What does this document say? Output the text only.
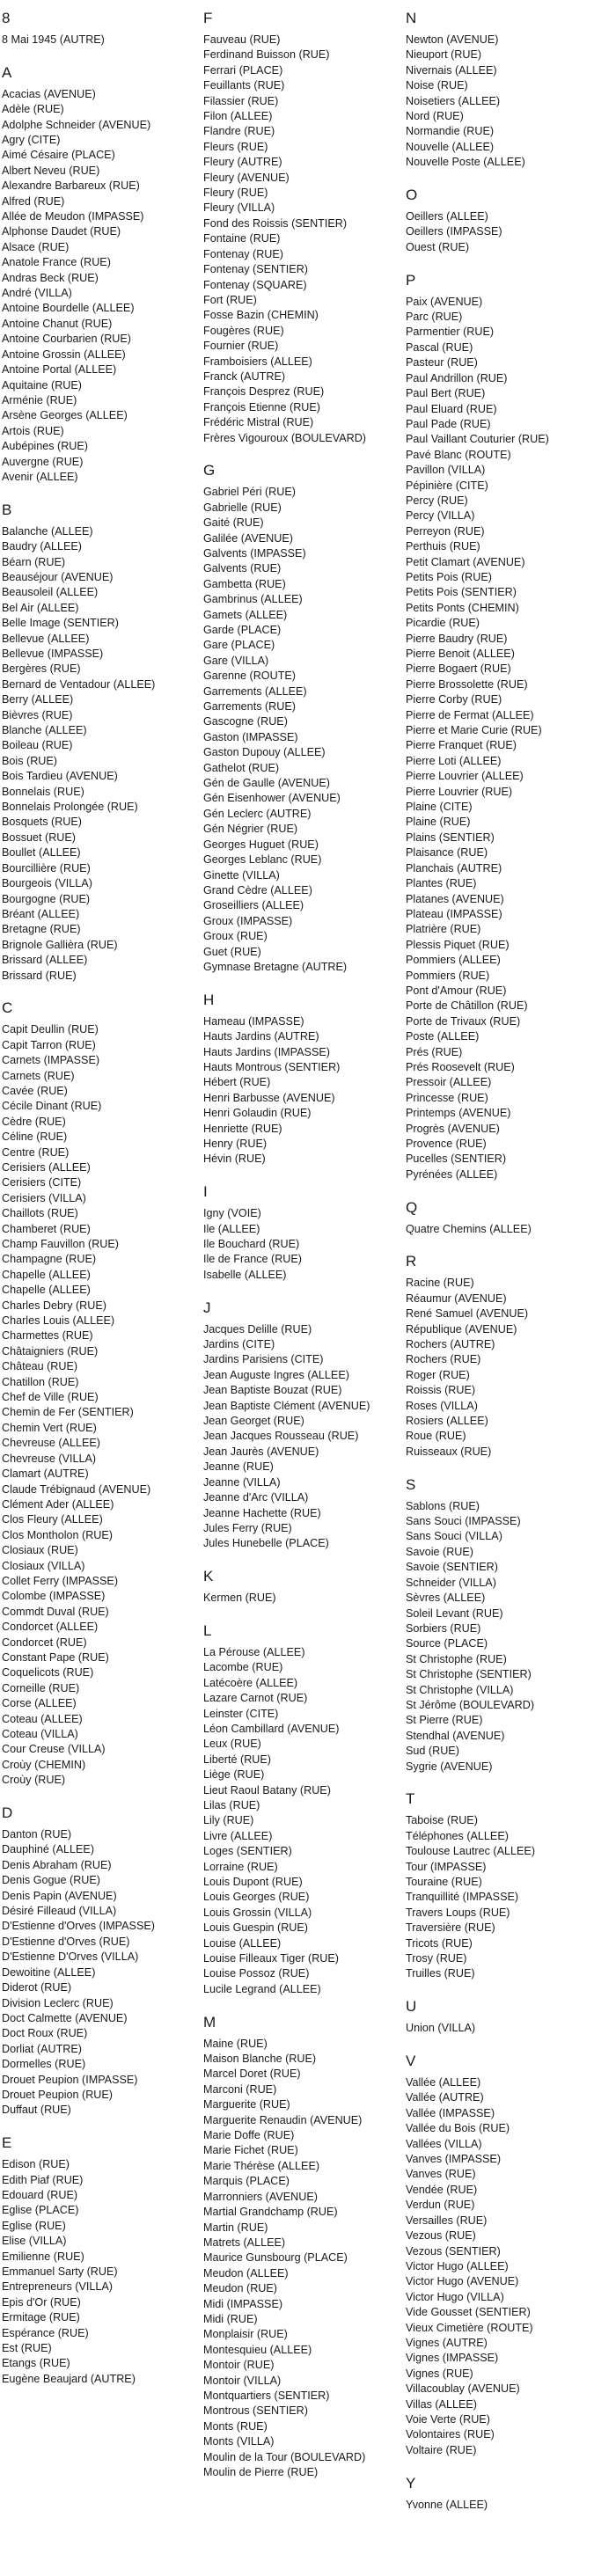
8
8 Mai 1945 (AUTRE)
A
Acacias (AVENUE)
Adèle (RUE)
Adolphe Schneider (AVENUE)
Agry (CITE)
Aimé Césaire (PLACE)
Albert Neveu (RUE)
Alexandre Barbareux (RUE)
Alfred (RUE)
Allée de Meudon (IMPASSE)
Alphonse Daudet (RUE)
Alsace (RUE)
Anatole France (RUE)
Andras Beck (RUE)
André (VILLA)
Antoine Bourdelle (ALLEE)
Antoine Chanut (RUE)
Antoine Courbarien (RUE)
Antoine Grossin (ALLEE)
Antoine Portal (ALLEE)
Aquitaine (RUE)
Arménie (RUE)
Arsène Georges (ALLEE)
Artois (RUE)
Aubépines (RUE)
Auvergne (RUE)
Avenir (ALLEE)
B
Balanche (ALLEE)
Baudry (ALLEE)
Béarn (RUE)
Beauséjour (AVENUE)
Beausoleil (ALLEE)
Bel Air (ALLEE)
Belle Image (SENTIER)
Bellevue (ALLEE)
Bellevue (IMPASSE)
Bergères (RUE)
Bernard de Ventadour (ALLEE)
Berry (ALLEE)
Bièvres (RUE)
Blanche (ALLEE)
Boileau (RUE)
Bois (RUE)
Bois Tardieu (AVENUE)
Bonnelais (RUE)
Bonnelais Prolongée (RUE)
Bosquets (RUE)
Bossuet (RUE)
Boullet (ALLEE)
Bourcillière (RUE)
Bourgeois (VILLA)
Bourgogne (RUE)
Bréant (ALLEE)
Bretagne (RUE)
Brignole Gallièra (RUE)
Brissard (ALLEE)
Brissard (RUE)
C
Capit Deullin (RUE)
Capit Tarron (RUE)
Carnets (IMPASSE)
Carnets (RUE)
Cavée (RUE)
Cécile Dinant (RUE)
Cèdre (RUE)
Céline (RUE)
Centre (RUE)
Cerisiers (ALLEE)
Cerisiers (CITE)
Cerisiers (VILLA)
Chaillots (RUE)
Chamberet (RUE)
Champ Fauvillon (RUE)
Champagne (RUE)
Chapelle (ALLEE)
Chapelle (ALLEE)
Charles Debry (RUE)
Charles Louis (ALLEE)
Charmettes (RUE)
Châtaigniers (RUE)
Château (RUE)
Chatillon (RUE)
Chef de Ville (RUE)
Chemin de Fer (SENTIER)
Chemin Vert (RUE)
Chevreuse (ALLEE)
Chevreuse (VILLA)
Clamart (AUTRE)
Claude Trébignaud (AVENUE)
Clément Ader (ALLEE)
Clos Fleury (ALLEE)
Clos Montholon (RUE)
Closiaux (RUE)
Closiaux (VILLA)
Collet Ferry (IMPASSE)
Colombe (IMPASSE)
Commdt Duval (RUE)
Condorcet (ALLEE)
Condorcet (RUE)
Constant Pape (RUE)
Coquelicots (RUE)
Corneille (RUE)
Corse (ALLEE)
Coteau (ALLEE)
Coteau (VILLA)
Cour Creuse (VILLA)
Croùy (CHEMIN)
Croùy (RUE)
D
Danton (RUE)
Dauphiné (ALLEE)
Denis Abraham (RUE)
Denis Gogue (RUE)
Denis Papin (AVENUE)
Désiré Filleaud (VILLA)
D'Estienne d'Orves (IMPASSE)
D'Estienne d'Orves (RUE)
D'Estienne D'Orves (VILLA)
Dewoitine (ALLEE)
Diderot (RUE)
Division Leclerc (RUE)
Doct Calmette (AVENUE)
Doct Roux (RUE)
Dorliat (AUTRE)
Dormelles (RUE)
Drouet Peupion (IMPASSE)
Drouet Peupion (RUE)
Duffaut (RUE)
E
Edison (RUE)
Edith Piaf (RUE)
Edouard (RUE)
Eglise (PLACE)
Eglise (RUE)
Elise (VILLA)
Emilienne (RUE)
Emmanuel Sarty (RUE)
Entrepreneurs (VILLA)
Epis d'Or (RUE)
Ermitage (RUE)
Espérance (RUE)
Est (RUE)
Etangs (RUE)
Eugène Beaujard (AUTRE)
F
Fauveau (RUE)
Ferdinand Buisson (RUE)
Ferrari (PLACE)
Feuillants (RUE)
Filassier (RUE)
Filon (ALLEE)
Flandre (RUE)
Fleurs (RUE)
Fleury (AUTRE)
Fleury (AVENUE)
Fleury (RUE)
Fleury (VILLA)
Fond des Roissis (SENTIER)
Fontaine (RUE)
Fontenay (RUE)
Fontenay (SENTIER)
Fontenay (SQUARE)
Fort (RUE)
Fosse Bazin (CHEMIN)
Fougères (RUE)
Fournier (RUE)
Framboisiers (ALLEE)
Franck (AUTRE)
François Desprez (RUE)
François Etienne (RUE)
Frédéric Mistral (RUE)
Frères Vigouroux (BOULEVARD)
G
Gabriel Péri (RUE)
Gabrielle (RUE)
Gaité (RUE)
Galilée (AVENUE)
Galvents (IMPASSE)
Galvents (RUE)
Gambetta (RUE)
Gambrinus (ALLEE)
Gamets (ALLEE)
Garde (PLACE)
Gare (PLACE)
Gare (VILLA)
Garenne (ROUTE)
Garrements (ALLEE)
Garrements (RUE)
Gascogne (RUE)
Gaston (IMPASSE)
Gaston Dupouy (ALLEE)
Gathelot (RUE)
Gén de Gaulle (AVENUE)
Gén Eisenhower (AVENUE)
Gén Leclerc (AUTRE)
Gén Négrier (RUE)
Georges Huguet (RUE)
Georges Leblanc (RUE)
Ginette (VILLA)
Grand Cèdre (ALLEE)
Groseilliers (ALLEE)
Groux (IMPASSE)
Groux (RUE)
Guet (RUE)
Gymnase Bretagne (AUTRE)
H
Hameau (IMPASSE)
Hauts Jardins (AUTRE)
Hauts Jardins (IMPASSE)
Hauts Montrous (SENTIER)
Hébert (RUE)
Henri Barbusse (AVENUE)
Henri Golaudin (RUE)
Henriette (RUE)
Henry (RUE)
Hévin (RUE)
I
Igny (VOIE)
Ile (ALLEE)
Ile Bouchard (RUE)
Ile de France (RUE)
Isabelle (ALLEE)
J
Jacques Delille (RUE)
Jardins (CITE)
Jardins Parisiens (CITE)
Jean Auguste Ingres (ALLEE)
Jean Baptiste Bouzat (RUE)
Jean Baptiste Clément (AVENUE)
Jean Georget (RUE)
Jean Jacques Rousseau (RUE)
Jean Jaurès (AVENUE)
Jeanne (RUE)
Jeanne (VILLA)
Jeanne d'Arc (VILLA)
Jeanne Hachette (RUE)
Jules Ferry (RUE)
Jules Hunebelle (PLACE)
K
Kermen (RUE)
L
La Pérouse (ALLEE)
Lacombe (RUE)
Latécoère (ALLEE)
Lazare Carnot (RUE)
Leinster (CITE)
Léon Cambillard (AVENUE)
Leux (RUE)
Liberté (RUE)
Liège (RUE)
Lieut Raoul Batany (RUE)
Lilas (RUE)
Lily (RUE)
Livre (ALLEE)
Loges (SENTIER)
Lorraine (RUE)
Louis Dupont (RUE)
Louis Georges (RUE)
Louis Grossin (VILLA)
Louis Guespin (RUE)
Louise (ALLEE)
Louise Filleaux Tiger (RUE)
Louise Possoz (RUE)
Lucile Legrand (ALLEE)
M
Maine (RUE)
Maison Blanche (RUE)
Marcel Doret (RUE)
Marconi (RUE)
Marguerite (RUE)
Marguerite Renaudin (AVENUE)
Marie Doffe (RUE)
Marie Fichet (RUE)
Marie Thérèse (ALLEE)
Marquis (PLACE)
Marronniers (AVENUE)
Martial Grandchamp (RUE)
Martin (RUE)
Matrets (ALLEE)
Maurice Gunsbourg (PLACE)
Meudon (ALLEE)
Meudon (RUE)
Midi (IMPASSE)
Midi (RUE)
Monplaisir (RUE)
Montesquieu (ALLEE)
Montoir (RUE)
Montoir (VILLA)
Montquartiers (SENTIER)
Montrous (SENTIER)
Monts (RUE)
Monts (VILLA)
Moulin de la Tour (BOULEVARD)
Moulin de Pierre (RUE)
N
Newton (AVENUE)
Nieuport (RUE)
Nivernais (ALLEE)
Noise (RUE)
Noisetiers (ALLEE)
Nord (RUE)
Normandie (RUE)
Nouvelle (ALLEE)
Nouvelle Poste (ALLEE)
O
Oeillers (ALLEE)
Oeillers (IMPASSE)
Ouest (RUE)
P
Paix (AVENUE)
Parc (RUE)
Parmentier (RUE)
Pascal (RUE)
Pasteur (RUE)
Paul Andrillon (RUE)
Paul Bert (RUE)
Paul Eluard (RUE)
Paul Pade (RUE)
Paul Vaillant Couturier (RUE)
Pavé Blanc (ROUTE)
Pavillon (VILLA)
Pépinière (CITE)
Percy (RUE)
Percy (VILLA)
Perreyon (RUE)
Perthuis (RUE)
Petit Clamart (AVENUE)
Petits Pois (RUE)
Petits Pois (SENTIER)
Petits Ponts (CHEMIN)
Picardie (RUE)
Pierre Baudry (RUE)
Pierre Benoit (ALLEE)
Pierre Bogaert (RUE)
Pierre Brossolette (RUE)
Pierre Corby (RUE)
Pierre de Fermat (ALLEE)
Pierre et Marie Curie (RUE)
Pierre Franquet (RUE)
Pierre Loti (ALLEE)
Pierre Louvrier (ALLEE)
Pierre Louvrier (RUE)
Plaine (CITE)
Plaine (RUE)
Plains (SENTIER)
Plaisance (RUE)
Planchais (AUTRE)
Plantes (RUE)
Platanes (AVENUE)
Plateau (IMPASSE)
Platrière (RUE)
Plessis Piquet (RUE)
Pommiers (ALLEE)
Pommiers (RUE)
Pont d'Amour (RUE)
Porte de Châtillon (RUE)
Porte de Trivaux (RUE)
Poste (ALLEE)
Prés (RUE)
Prés Roosevelt (RUE)
Pressoir (ALLEE)
Princesse (RUE)
Printemps (AVENUE)
Progrès (AVENUE)
Provence (RUE)
Pucelles (SENTIER)
Pyrénées (ALLEE)
Q
Quatre Chemins (ALLEE)
R
Racine (RUE)
Réaumur (AVENUE)
René Samuel (AVENUE)
République (AVENUE)
Rochers (AUTRE)
Rochers (RUE)
Roger (RUE)
Roissis (RUE)
Roses (VILLA)
Rosiers (ALLEE)
Roue (RUE)
Ruisseaux (RUE)
S
Sablons (RUE)
Sans Souci (IMPASSE)
Sans Souci (VILLA)
Savoie (RUE)
Savoie (SENTIER)
Schneider (VILLA)
Sèvres (ALLEE)
Soleil Levant (RUE)
Sorbiers (RUE)
Source (PLACE)
St Christophe (RUE)
St Christophe (SENTIER)
St Christophe (VILLA)
St Jérôme (BOULEVARD)
St Pierre (RUE)
Stendhal (AVENUE)
Sud (RUE)
Sygrie (AVENUE)
T
Taboise (RUE)
Téléphones (ALLEE)
Toulouse Lautrec (ALLEE)
Tour (IMPASSE)
Touraine (RUE)
Tranquillité (IMPASSE)
Travers Loups (RUE)
Traversière (RUE)
Tricots (RUE)
Trosy (RUE)
Truilles (RUE)
U
Union (VILLA)
V
Vallée (ALLEE)
Vallée (AUTRE)
Vallée (IMPASSE)
Vallée du Bois (RUE)
Vallées (VILLA)
Vanves (IMPASSE)
Vanves (RUE)
Vendée (RUE)
Verdun (RUE)
Versailles (RUE)
Vezous (RUE)
Vezous (SENTIER)
Victor Hugo (ALLEE)
Victor Hugo (AVENUE)
Victor Hugo (VILLA)
Vide Gousset (SENTIER)
Vieux Cimetière (ROUTE)
Vignes (AUTRE)
Vignes (IMPASSE)
Vignes (RUE)
Villacoublay (AVENUE)
Villas (ALLEE)
Voie Verte (RUE)
Volontaires (RUE)
Voltaire (RUE)
Y
Yvonne (ALLEE)
